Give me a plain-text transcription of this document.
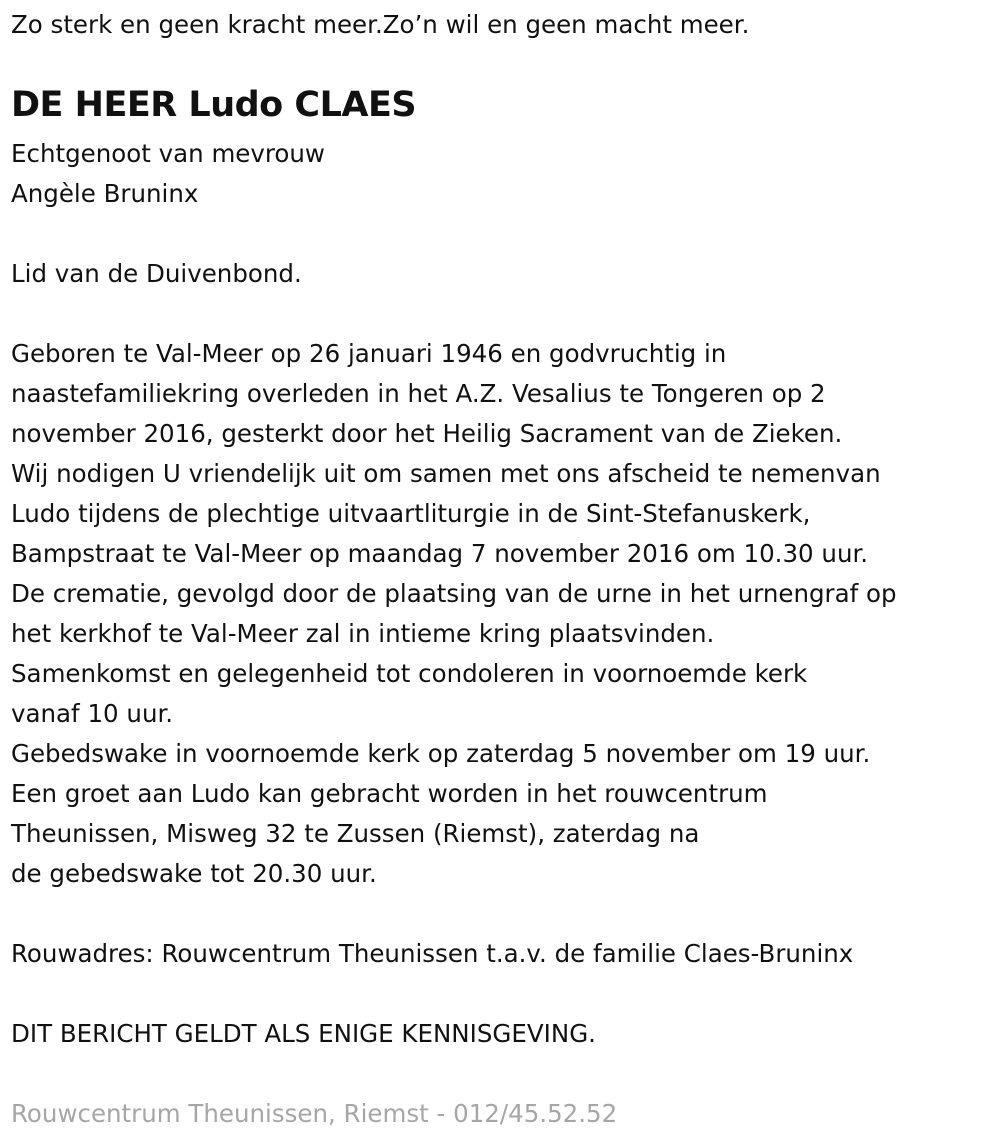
Zo sterk en geen kracht meer.Zo’n wil en geen macht meer.
DE HEER Ludo CLAES
Echtgenoot van mevrouw
Angèle Bruninx
Lid van de Duivenbond.
Geboren te Val-Meer op 26 januari 1946 en godvruchtig in
naastefamiliekring overleden in het A.Z. Vesalius te Tongeren op 2
november 2016, gesterkt door het Heilig Sacrament van de Zieken.
Wij nodigen U vriendelijk uit om samen met ons afscheid te nemenvan
Ludo tijdens de plechtige uitvaartliturgie in de Sint-Stefanuskerk,
Bampstraat te Val-Meer op maandag 7 november 2016 om 10.30 uur.
De crematie, gevolgd door de plaatsing van de urne in het urnengraf op
het kerkhof te Val-Meer zal in intieme kring plaatsvinden.
Samenkomst en gelegenheid tot condoleren in voornoemde kerk
vanaf 10 uur.
Gebedswake in voornoemde kerk op zaterdag 5 november om 19 uur.
Een groet aan Ludo kan gebracht worden in het rouwcentrum
Theunissen, Misweg 32 te Zussen (Riemst), zaterdag na
de gebedswake tot 20.30 uur.
Rouwadres: Rouwcentrum Theunissen t.a.v. de familie Claes-Bruninx
DIT BERICHT GELDT ALS ENIGE KENNISGEVING.
Rouwcentrum Theunissen, Riemst - 012/45.52.52
